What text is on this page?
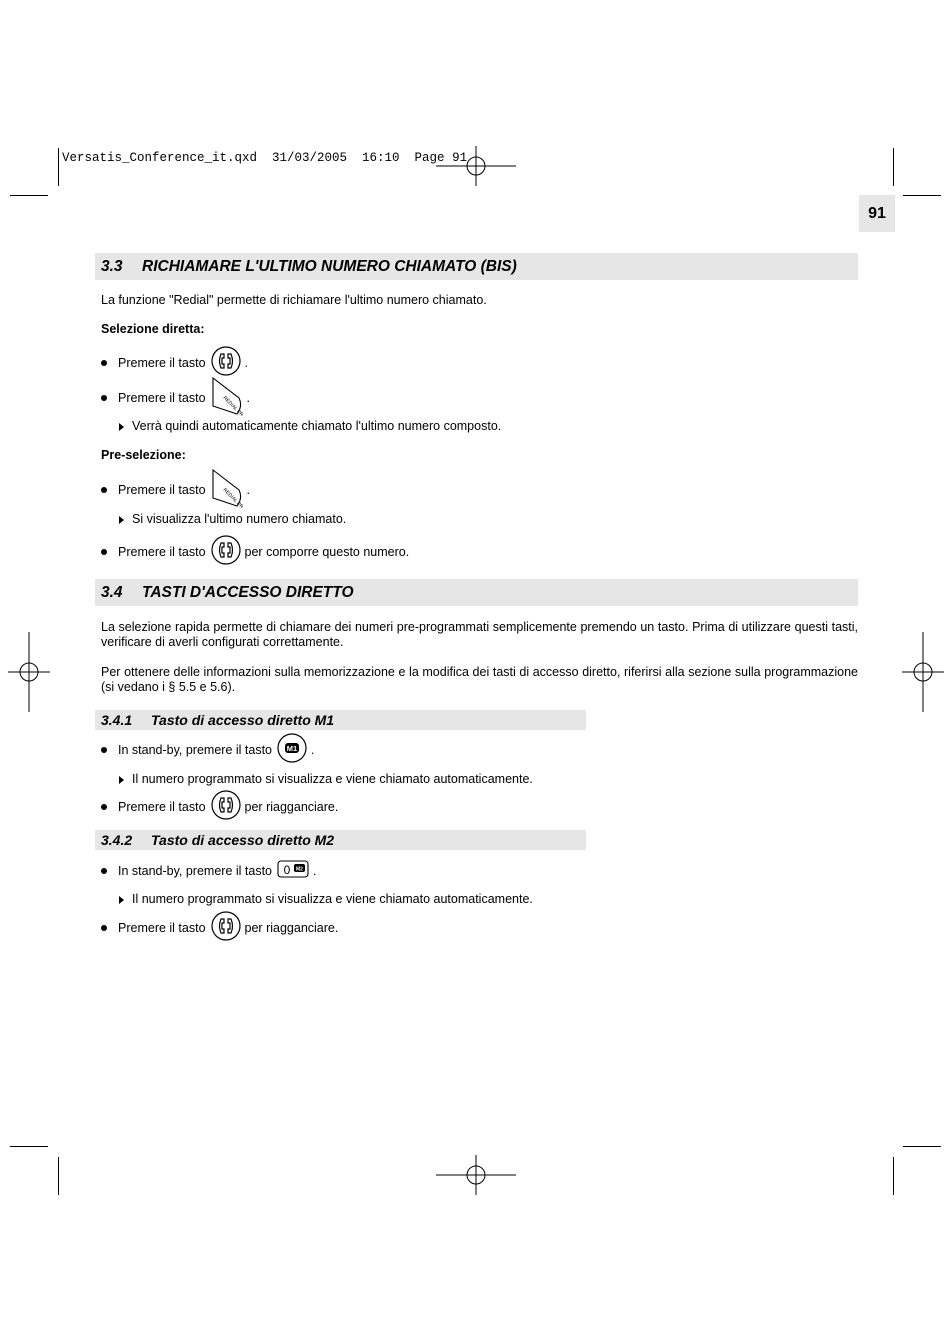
Versatis_Conference_it.qxd  31/03/2005  16:10  Page 91
91
3.3 RICHIAMARE L'ULTIMO NUMERO CHIAMATO (BIS)
La funzione "Redial" permette di richiamare l'ultimo numero chiamato.
Selezione diretta:
Premere il tasto	.
Premere il tasto	REDIAL .
Verrà quindi automaticamente chiamato l'ultimo numero composto.
Pre-selezione:
Premere il tasto	REDIAL .
Si visualizza l'ultimo numero chiamato.
Premere il tasto	per comporre questo numero.
3.4 TASTI D'ACCESSO DIRETTO
La selezione rapida permette di chiamare dei numeri pre-programmati semplicemente premendo un tasto. Prima di utilizzare questi tasti, verificare di averli configurati correttamente.
Per ottenere delle informazioni sulla memorizzazione e la modifica dei tasti di accesso diretto, riferirsi alla sezione sulla programmazione (si vedano i § 5.5 e 5.6).
3.4.1 Tasto di accesso diretto M1
In stand-by, premere il tasto M1 .
Il numero programmato si visualizza e viene chiamato automaticamente.
Premere il tasto	per riagganciare.
3.4.2 Tasto di accesso diretto M2
In stand-by, premere il tasto 0 M2 .
Il numero programmato si visualizza e viene chiamato automaticamente.
Premere il tasto	per riagganciare.
